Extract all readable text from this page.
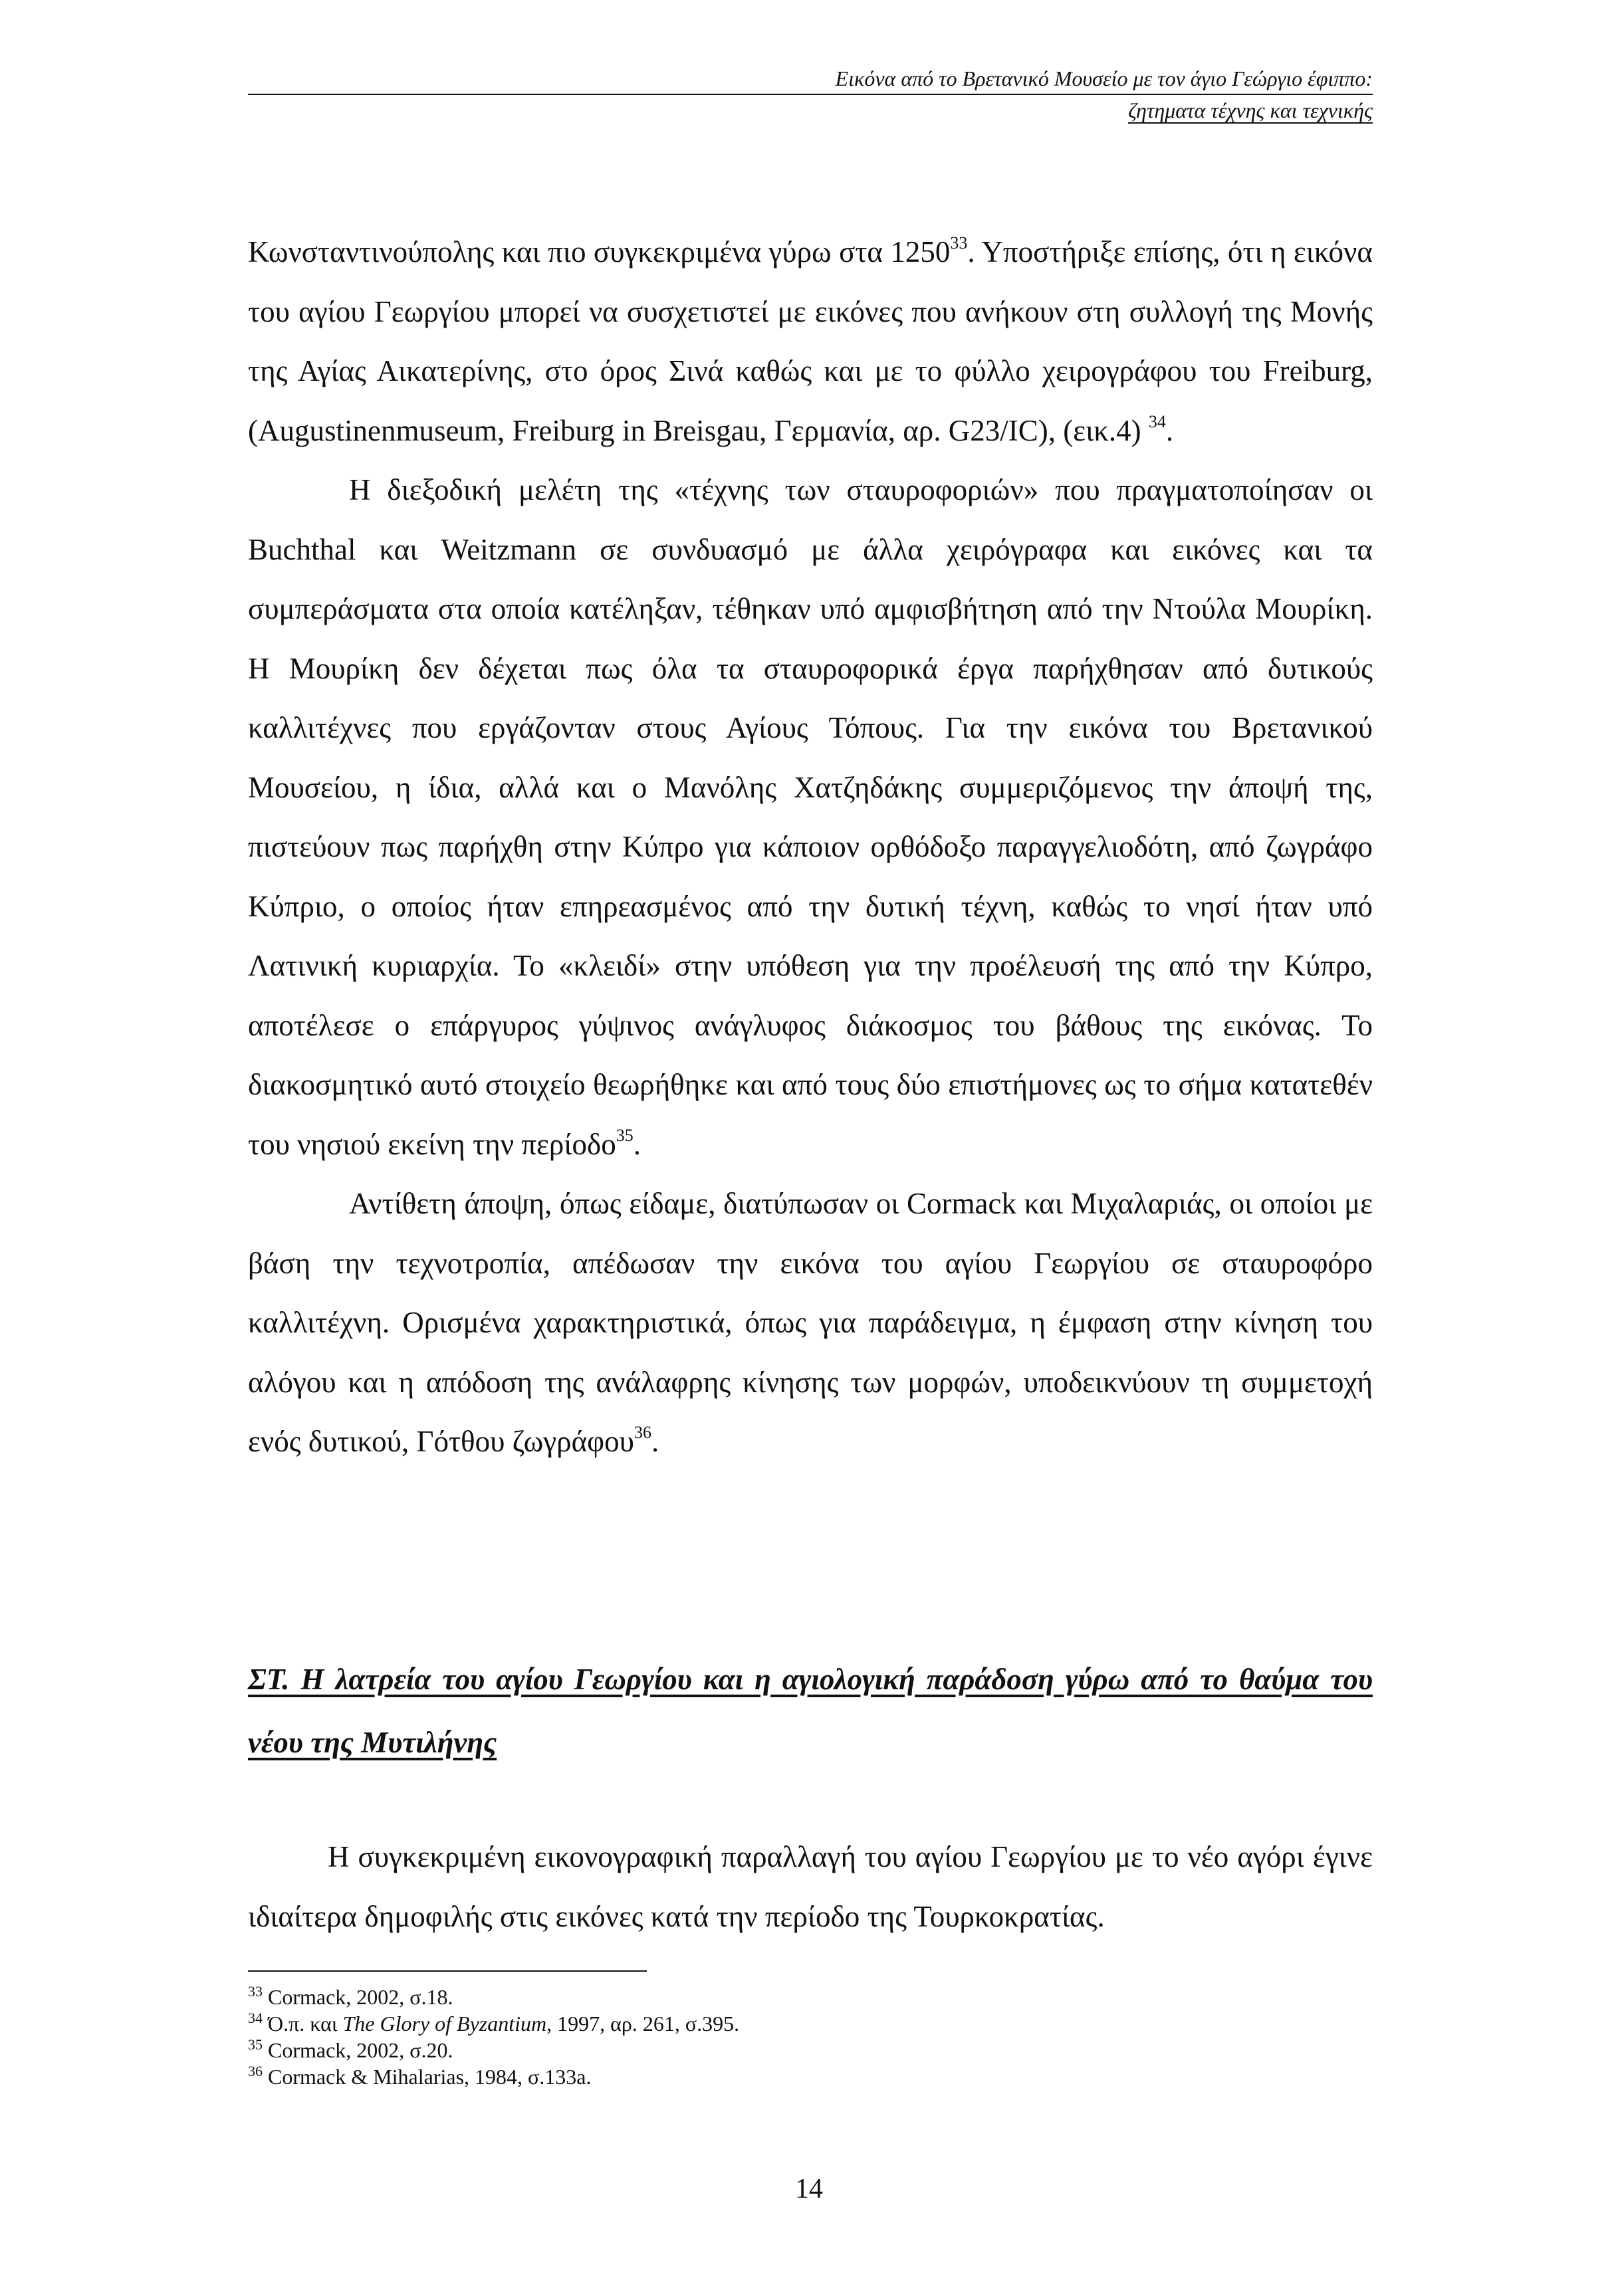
Εικόνα από το Βρετανικό Μουσείο με τον άγιο Γεώργιο έφιππο:
ζητηματα τέχνης και τεχνικής

Κωνσταντινούπολης και πιο συγκεκριμένα γύρω στα 1250$^{33}$. Υποστήριξε επίσης, ότι η εικόνα του αγίου Γεωργίου μπορεί να συσχετιστεί με εικόνες που ανήκουν στη συλλογή της Μονής της Αγίας Αικατερίνης, στο όρος Σινά καθώς και με το φύλλο χειρογράφου του Freiburg, (Augustinenmuseum, Freiburg in Breisgau, Γερμανία, αρ. G23/IC), (εικ.4) $^{34}$.

Η διεξοδική μελέτη της «τέχνης των σταυροφοριών» που πραγματοποίησαν οι Buchthal και Weitzmann σε συνδυασμό με άλλα χειρόγραφα και εικόνες και τα συμπεράσματα στα οποία κατέληξαν, τέθηκαν υπό αμφισβήτηση από την Ντούλα Μουρίκη. Η Μουρίκη δεν δέχεται πως όλα τα σταυροφορικά έργα παρήχθησαν από δυτικούς καλλιτέχνες που εργάζονταν στους Αγίους Τόπους. Για την εικόνα του Βρετανικού Μουσείου, η ίδια, αλλά και ο Μανόλης Χατζηδάκης συμμεριζόμενος την άποψή της, πιστεύουν πως παρήχθη στην Κύπρο για κάποιον ορθόδοξο παραγγελιοδότη, από ζωγράφο Κύπριο, ο οποίος ήταν επηρεασμένος από την δυτική τέχνη, καθώς το νησί ήταν υπό Λατινική κυριαρχία. Το «κλειδί» στην υπόθεση για την προέλευσή της από την Κύπρο, αποτέλεσε ο επάργυρος γύψινος ανάγλυφος διάκοσμος του βάθους της εικόνας. Το διακοσμητικό αυτό στοιχείο θεωρήθηκε και από τους δύο επιστήμονες ως το σήμα κατατεθέν του νησιού εκείνη την περίοδο$^{35}$.

Αντίθετη άποψη, όπως είδαμε, διατύπωσαν οι Cormack και Μιχαλαριάς, οι οποίοι με βάση την τεχνοτροπία, απέδωσαν την εικόνα του αγίου Γεωργίου σε σταυροφόρο καλλιτέχνη. Ορισμένα χαρακτηριστικά, όπως για παράδειγμα, η έμφαση στην κίνηση του αλόγου και η απόδοση της ανάλαφρης κίνησης των μορφών, υποδεικνύουν τη συμμετοχή ενός δυτικού, Γότθου ζωγράφου$^{36}$.

ΣΤ. Η λατρεία του αγίου Γεωργίου και η αγιολογική παράδοση γύρω από το θαύμα του νέου της Μυτιλήνης

Η συγκεκριμένη εικονογραφική παραλλαγή του αγίου Γεωργίου με το νέο αγόρι έγινε ιδιαίτερα δημοφιλής στις εικόνες κατά την περίοδο της Τουρκοκρατίας.

$^{33}$ Cormack, 2002, σ.18.
$^{34}$ Ό.π. και The Glory of Byzantium, 1997, αρ. 261, σ.395.
$^{35}$ Cormack, 2002, σ.20.
$^{36}$ Cormack & Mihalarias, 1984, σ.133a.
14
